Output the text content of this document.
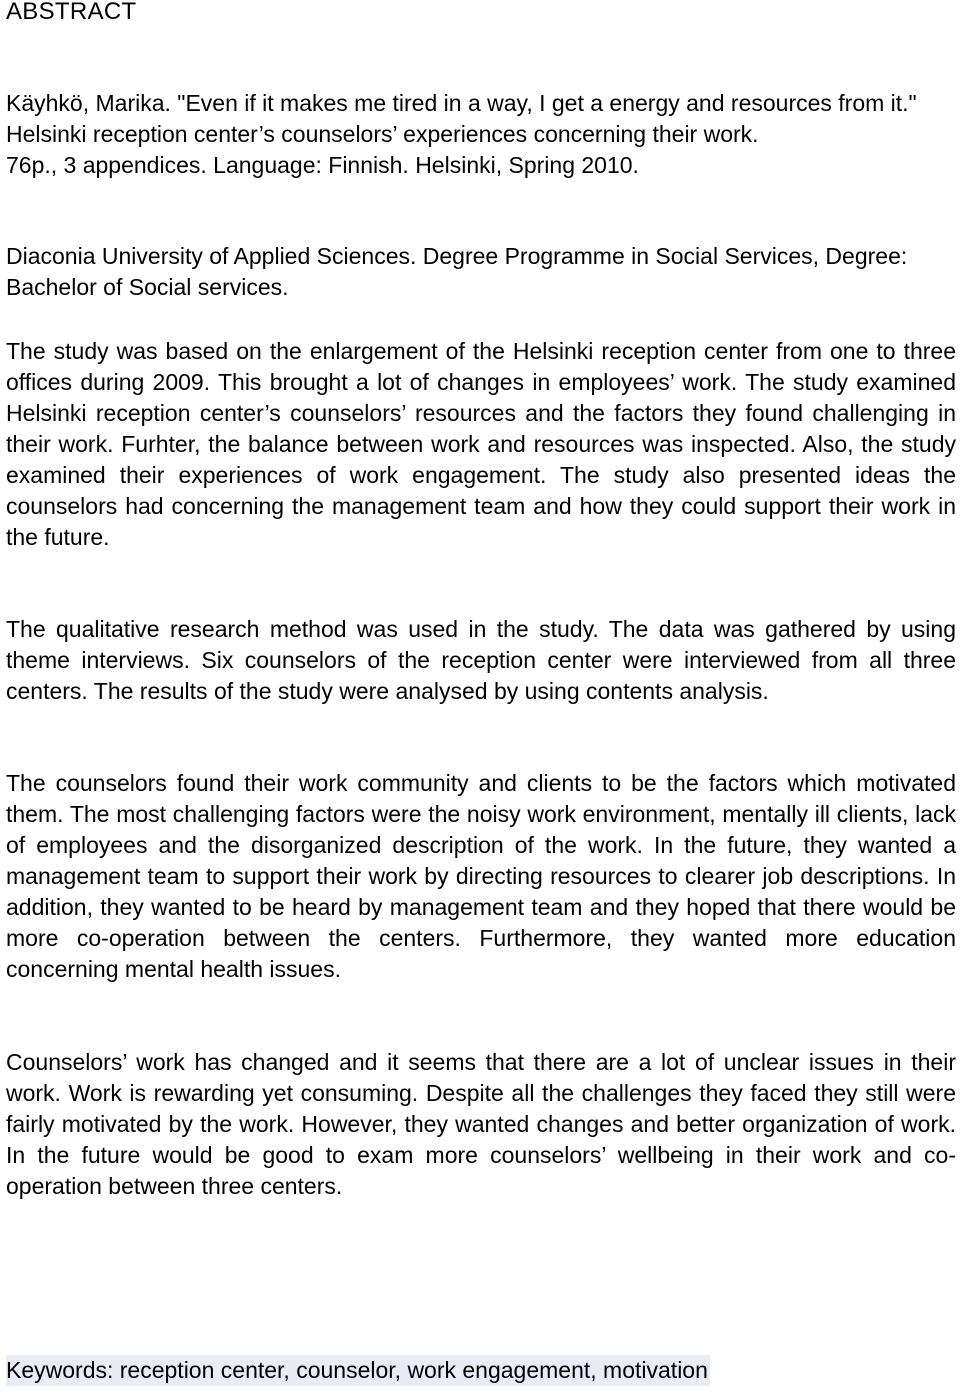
ABSTRACT

Käyhkö, Marika. "Even if it makes me tired in a way, I get a energy and resources from it." Helsinki reception center’s counselors’ experiences concerning their work.
76p., 3 appendices. Language: Finnish. Helsinki, Spring 2010.

Diaconia University of Applied Sciences. Degree Programme in Social Services, Degree: Bachelor of Social services.

The study was based on the enlargement of the Helsinki reception center from one to three offices during 2009. This brought a lot of changes in employees’ work. The study examined Helsinki reception center’s counselors’ resources and the factors they found challenging in their work. Furhter, the balance between work and resources was inspected. Also, the study examined their experiences of work engagement. The study also presented ideas the counselors had concerning the management team and how they could support their work in the future.

The qualitative research method was used in the study. The data was gathered by using theme interviews. Six counselors of the reception center were interviewed from all three centers. The results of the study were analysed by using contents analysis.

The counselors found their work community and clients to be the factors which motivated them. The most challenging factors were the noisy work environment, mentally ill clients, lack of employees and the disorganized description of the work. In the future, they wanted a management team to support their work by directing resources to clearer job descriptions. In addition, they wanted to be heard by management team and they hoped that there would be more co-operation between the centers. Furthermore, they wanted more education concerning mental health issues.

Counselors’ work has changed and it seems that there are a lot of unclear issues in their work. Work is rewarding yet consuming. Despite all the challenges they faced they still were fairly motivated by the work. However, they wanted changes and better organization of work. In the future would be good to exam more counselors’ wellbeing in their work and co-operation between three centers.

Keywords: reception center, counselor, work engagement, motivation
